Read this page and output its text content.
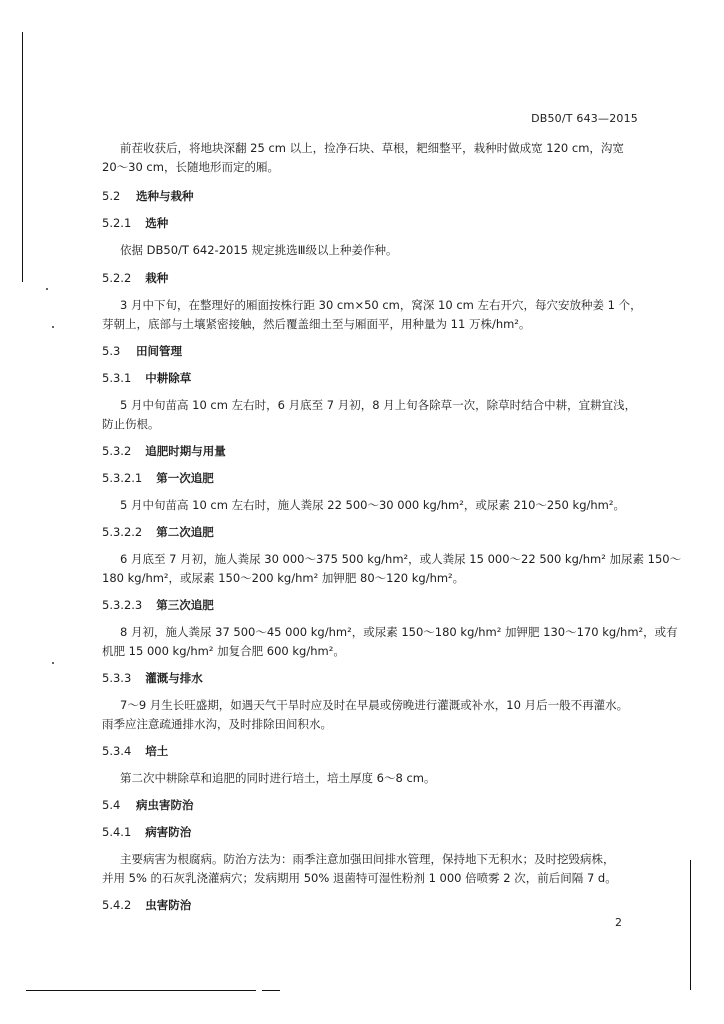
DB50/T 643—2015
前茬收获后，将地块深翻 25 cm 以上，捡净石块、草根，耙细整平，栽种时做成宽 120 cm，沟宽
20～30 cm，长随地形而定的厢。
5.2 选种与栽种
5.2.1 选种
依据 DB50/T 642-2015 规定挑选Ⅲ级以上种姜作种。
5.2.2 栽种
3 月中下旬，在整理好的厢面按株行距 30 cm×50 cm，窝深 10 cm 左右开穴，每穴安放种姜 1 个，
芽朝上，底部与土壤紧密接触，然后覆盖细土至与厢面平，用种量为 11 万株/hm²。
5.3 田间管理
5.3.1 中耕除草
5 月中旬苗高 10 cm 左右时，6 月底至 7 月初，8 月上旬各除草一次，除草时结合中耕，宜耕宜浅，
防止伤根。
5.3.2 追肥时期与用量
5.3.2.1 第一次追肥
5 月中旬苗高 10 cm 左右时，施人粪尿 22 500～30 000 kg/hm²，或尿素 210～250 kg/hm²。
5.3.2.2 第二次追肥
6 月底至 7 月初，施人粪尿 30 000～375 500 kg/hm²，或人粪尿 15 000～22 500 kg/hm² 加尿素 150～
180 kg/hm²，或尿素 150～200 kg/hm² 加钾肥 80～120 kg/hm²。
5.3.2.3 第三次追肥
8 月初，施人粪尿 37 500～45 000 kg/hm²，或尿素 150～180 kg/hm² 加钾肥 130～170 kg/hm²，或有
机肥 15 000 kg/hm² 加复合肥 600 kg/hm²。
5.3.3 灌溉与排水
7～9 月生长旺盛期，如遇天气干旱时应及时在早晨或傍晚进行灌溉或补水，10 月后一般不再灌水。
雨季应注意疏通排水沟，及时排除田间积水。
5.3.4 培土
第二次中耕除草和追肥的同时进行培土，培土厚度 6～8 cm。
5.4 病虫害防治
5.4.1 病害防治
主要病害为根腐病。防治方法为：雨季注意加强田间排水管理，保持地下无积水；及时挖毁病株，
并用 5% 的石灰乳浇灌病穴；发病期用 50% 退菌特可湿性粉剂 1 000 倍喷雾 2 次，前后间隔 7 d。
5.4.2 虫害防治
2
